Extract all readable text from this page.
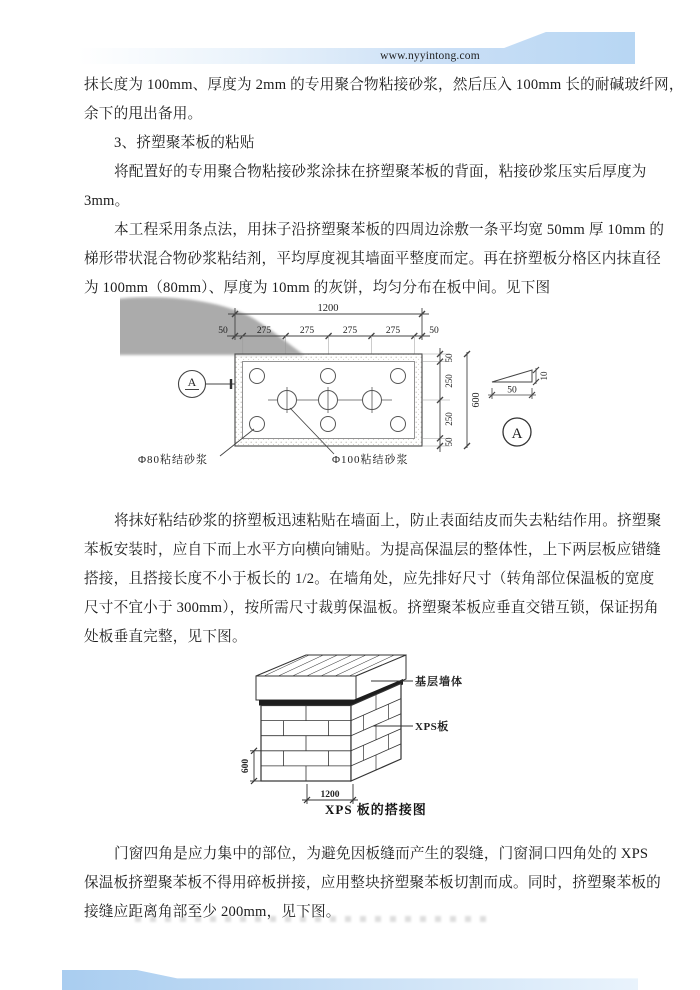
www.nyyintong.com
抹长度为 100mm、厚度为 2mm 的专用聚合物粘接砂浆，然后压入 100mm 长的耐碱玻纤网，
余下的甩出备用。
3、挤塑聚苯板的粘贴
将配置好的专用聚合物粘接砂浆涂抹在挤塑聚苯板的背面，粘接砂浆压实后厚度为
3mm。
本工程采用条点法，用抹子沿挤塑聚苯板的四周边涂敷一条平均宽 50mm 厚 10mm 的
梯形带状混合物砂浆粘结剂，平均厚度视其墙面平整度而定。再在挤塑板分格区内抹直径
为 100mm（80mm）、厚度为 10mm 的灰饼，均匀分布在板中间。见下图
1200
50	275	275	275	275	50
A
50
250
250
50
600
10
50
A
Φ80粘结砂浆	Φ100粘结砂浆
将抹好粘结砂浆的挤塑板迅速粘贴在墙面上，防止表面结皮而失去粘结作用。挤塑聚
苯板安装时，应自下而上水平方向横向铺贴。为提高保温层的整体性，上下两层板应错缝
搭接，且搭接长度不小于板长的 1/2。在墙角处，应先排好尺寸（转角部位保温板的宽度
尺寸不宜小于 300mm），按所需尺寸裁剪保温板。挤塑聚苯板应垂直交错互锁，保证拐角
处板垂直完整，见下图。
600
1200
基层墙体
XPS板
XPS 板的搭接图
门窗四角是应力集中的部位，为避免因板缝而产生的裂缝，门窗洞口四角处的 XPS
保温板挤塑聚苯板不得用碎板拼接，应用整块挤塑聚苯板切割而成。同时，挤塑聚苯板的
接缝应距离角部至少 200mm，见下图。
